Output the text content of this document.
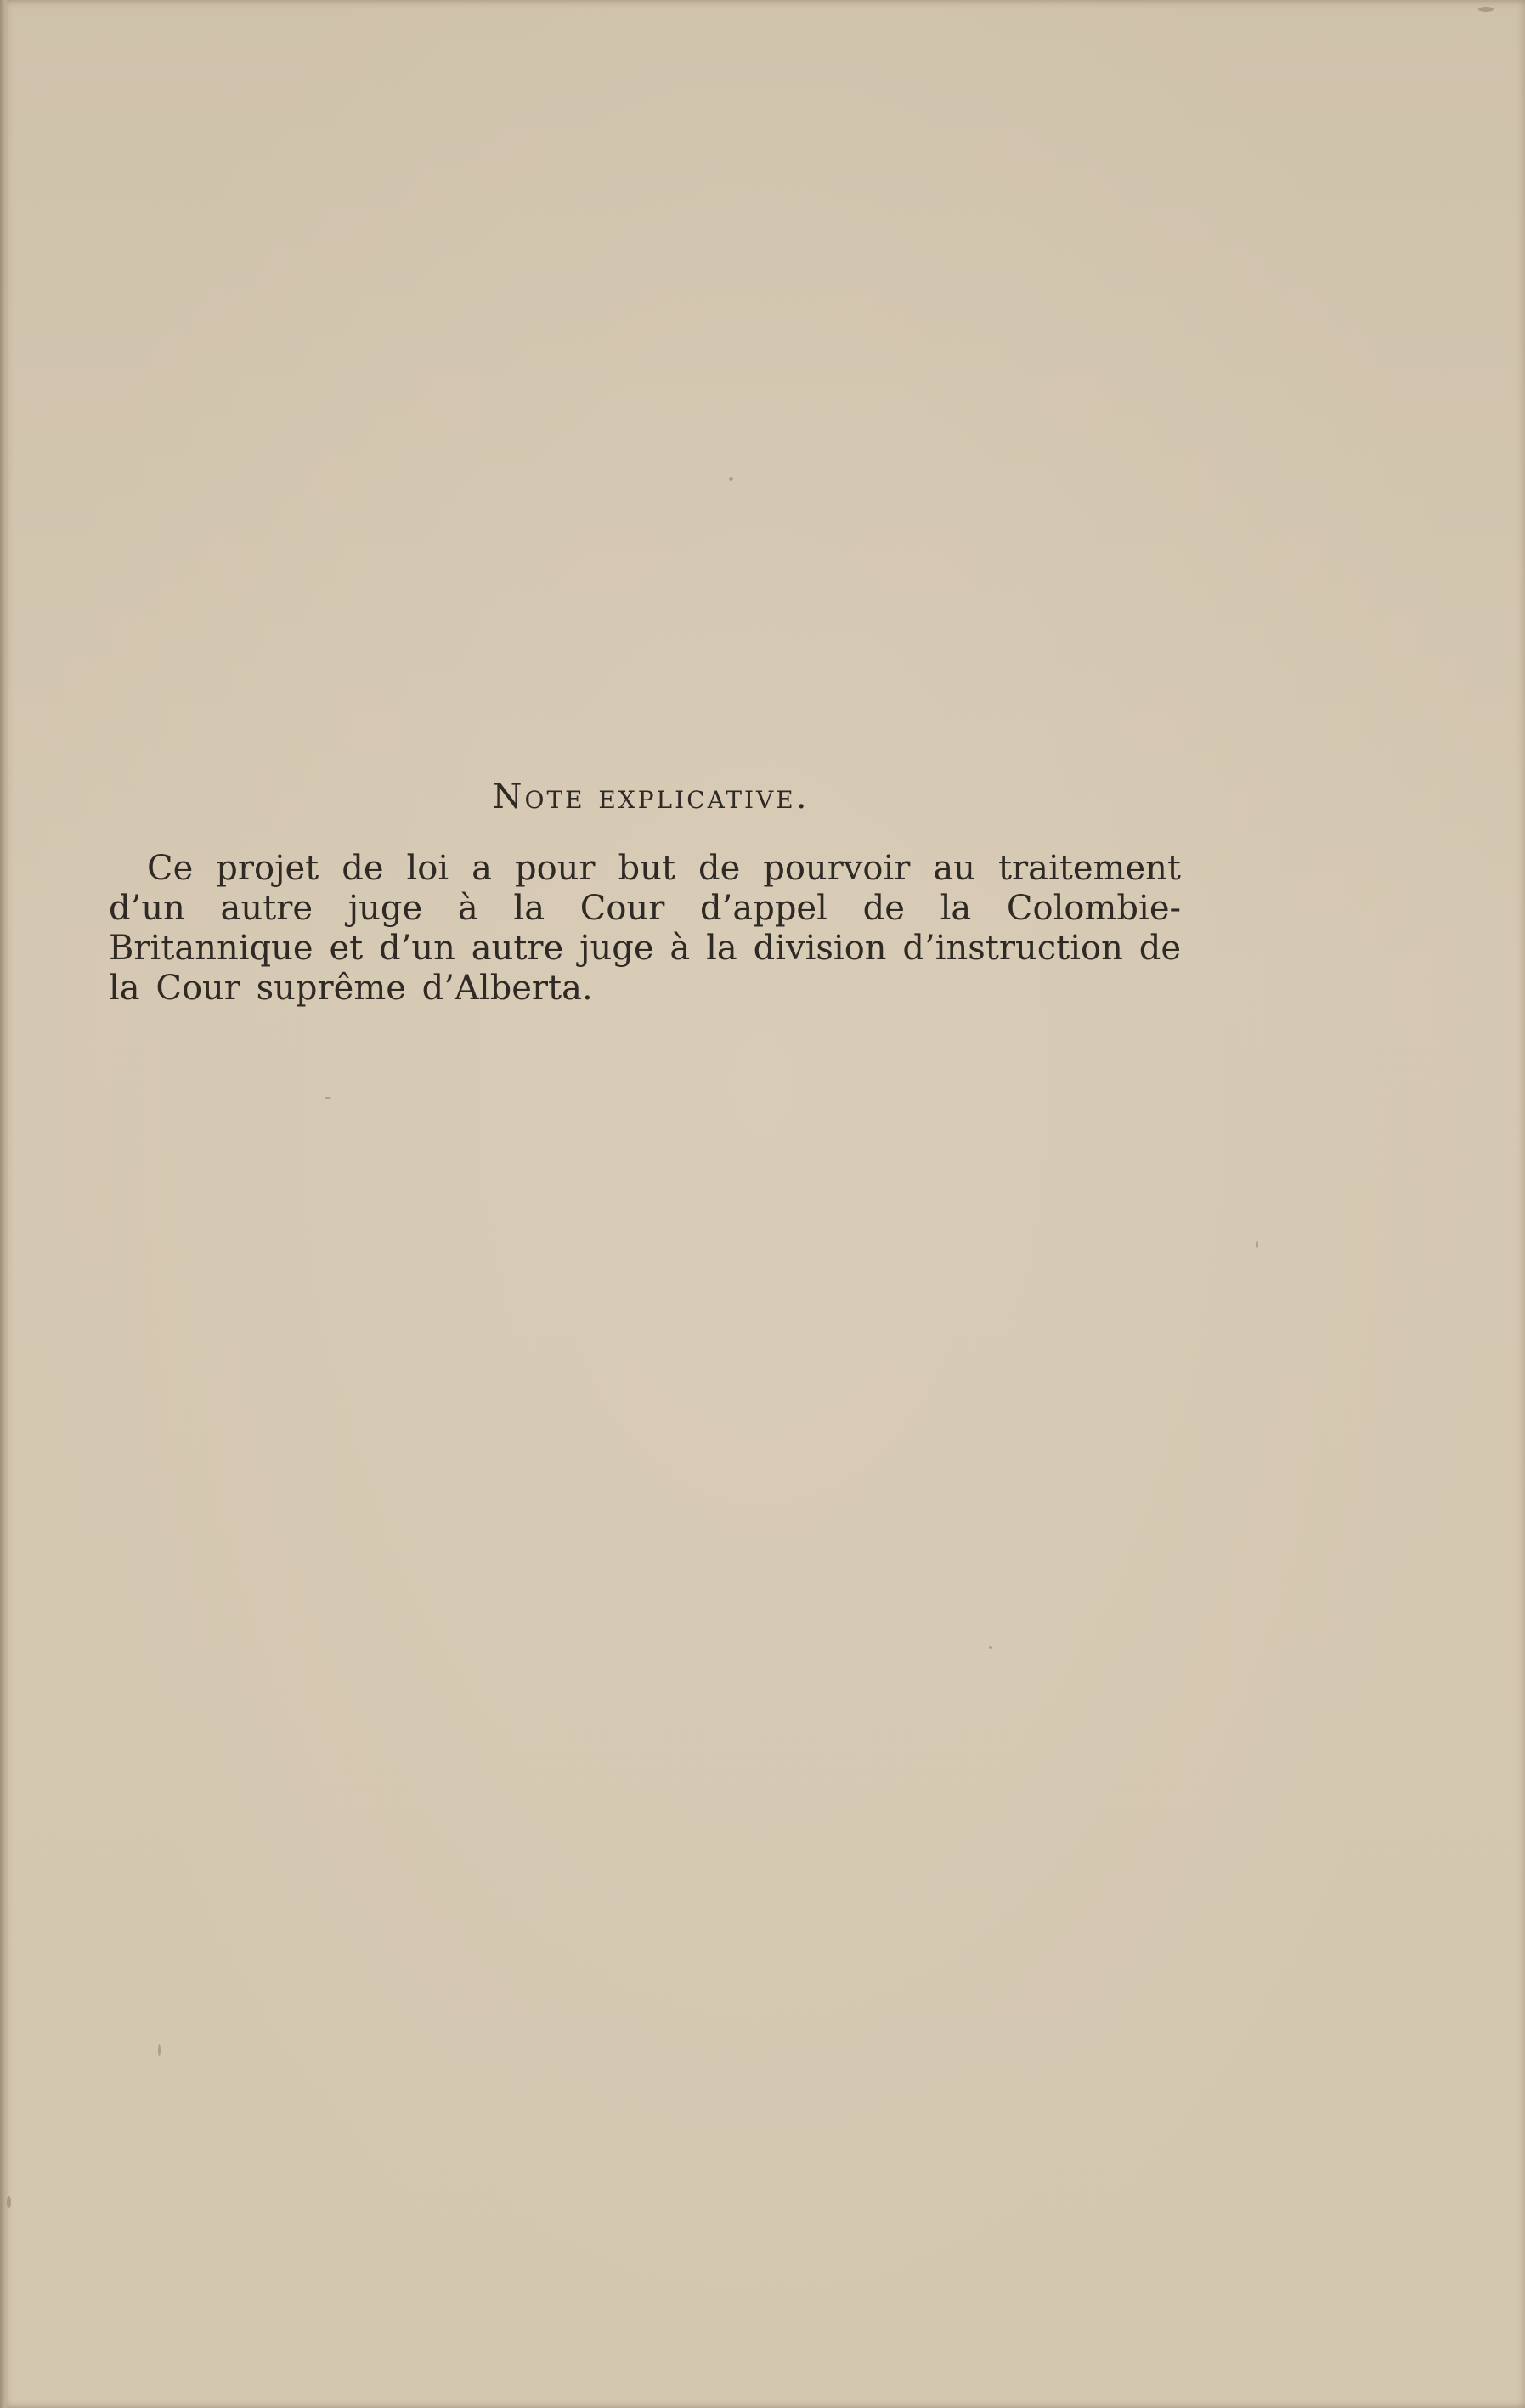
Note explicative.

Ce projet de loi a pour but de pourvoir au traitement d’un autre juge à la Cour d’appel de la Colombie-Britannique et d’un autre juge à la division d’instruction de la Cour suprême d’Alberta.
